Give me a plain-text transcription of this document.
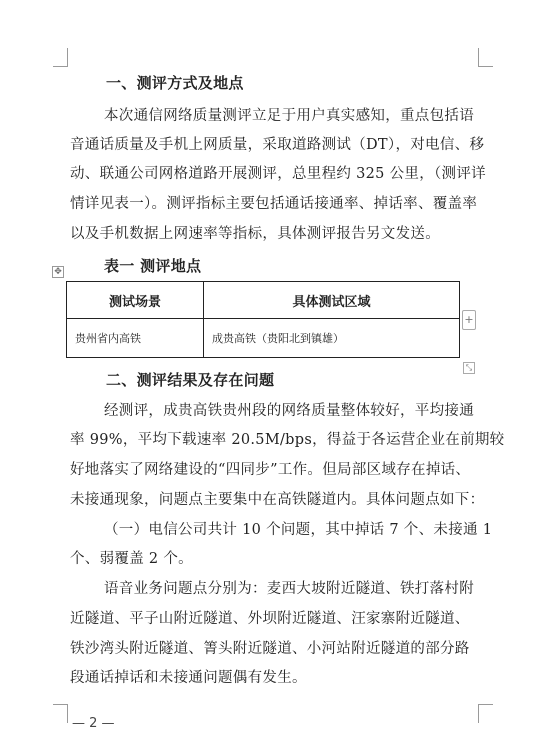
一、测评方式及地点
本次通信网络质量测评立足于用户真实感知，重点包括语
音通话质量及手机上网质量，采取道路测试（DT），对电信、移
动、联通公司网格道路开展测评，总里程约 325 公里，（测评详
情详见表一）。测评指标主要包括通话接通率、掉话率、覆盖率
以及手机数据上网速率等指标，具体测评报告另文发送。
✥	表一 测评地点
测试场景	具体测试区域
贵州省内高铁	成贵高铁（贵阳北到镇雄）
+
⤡
二、测评结果及存在问题
经测评，成贵高铁贵州段的网络质量整体较好，平均接通
率 99%，平均下载速率 20.5M/bps，得益于各运营企业在前期较
好地落实了网络建设的“四同步”工作。但局部区域存在掉话、
未接通现象，问题点主要集中在高铁隧道内。具体问题点如下：
（一）电信公司共计 10 个问题，其中掉话 7 个、未接通 1
个、弱覆盖 2 个。
语音业务问题点分别为：麦西大坡附近隧道、铁打落村附
近隧道、平子山附近隧道、外坝附近隧道、汪家寨附近隧道、
铁沙湾头附近隧道、箐头附近隧道、小河站附近隧道的部分路
段通话掉话和未接通问题偶有发生。
— 2 —
